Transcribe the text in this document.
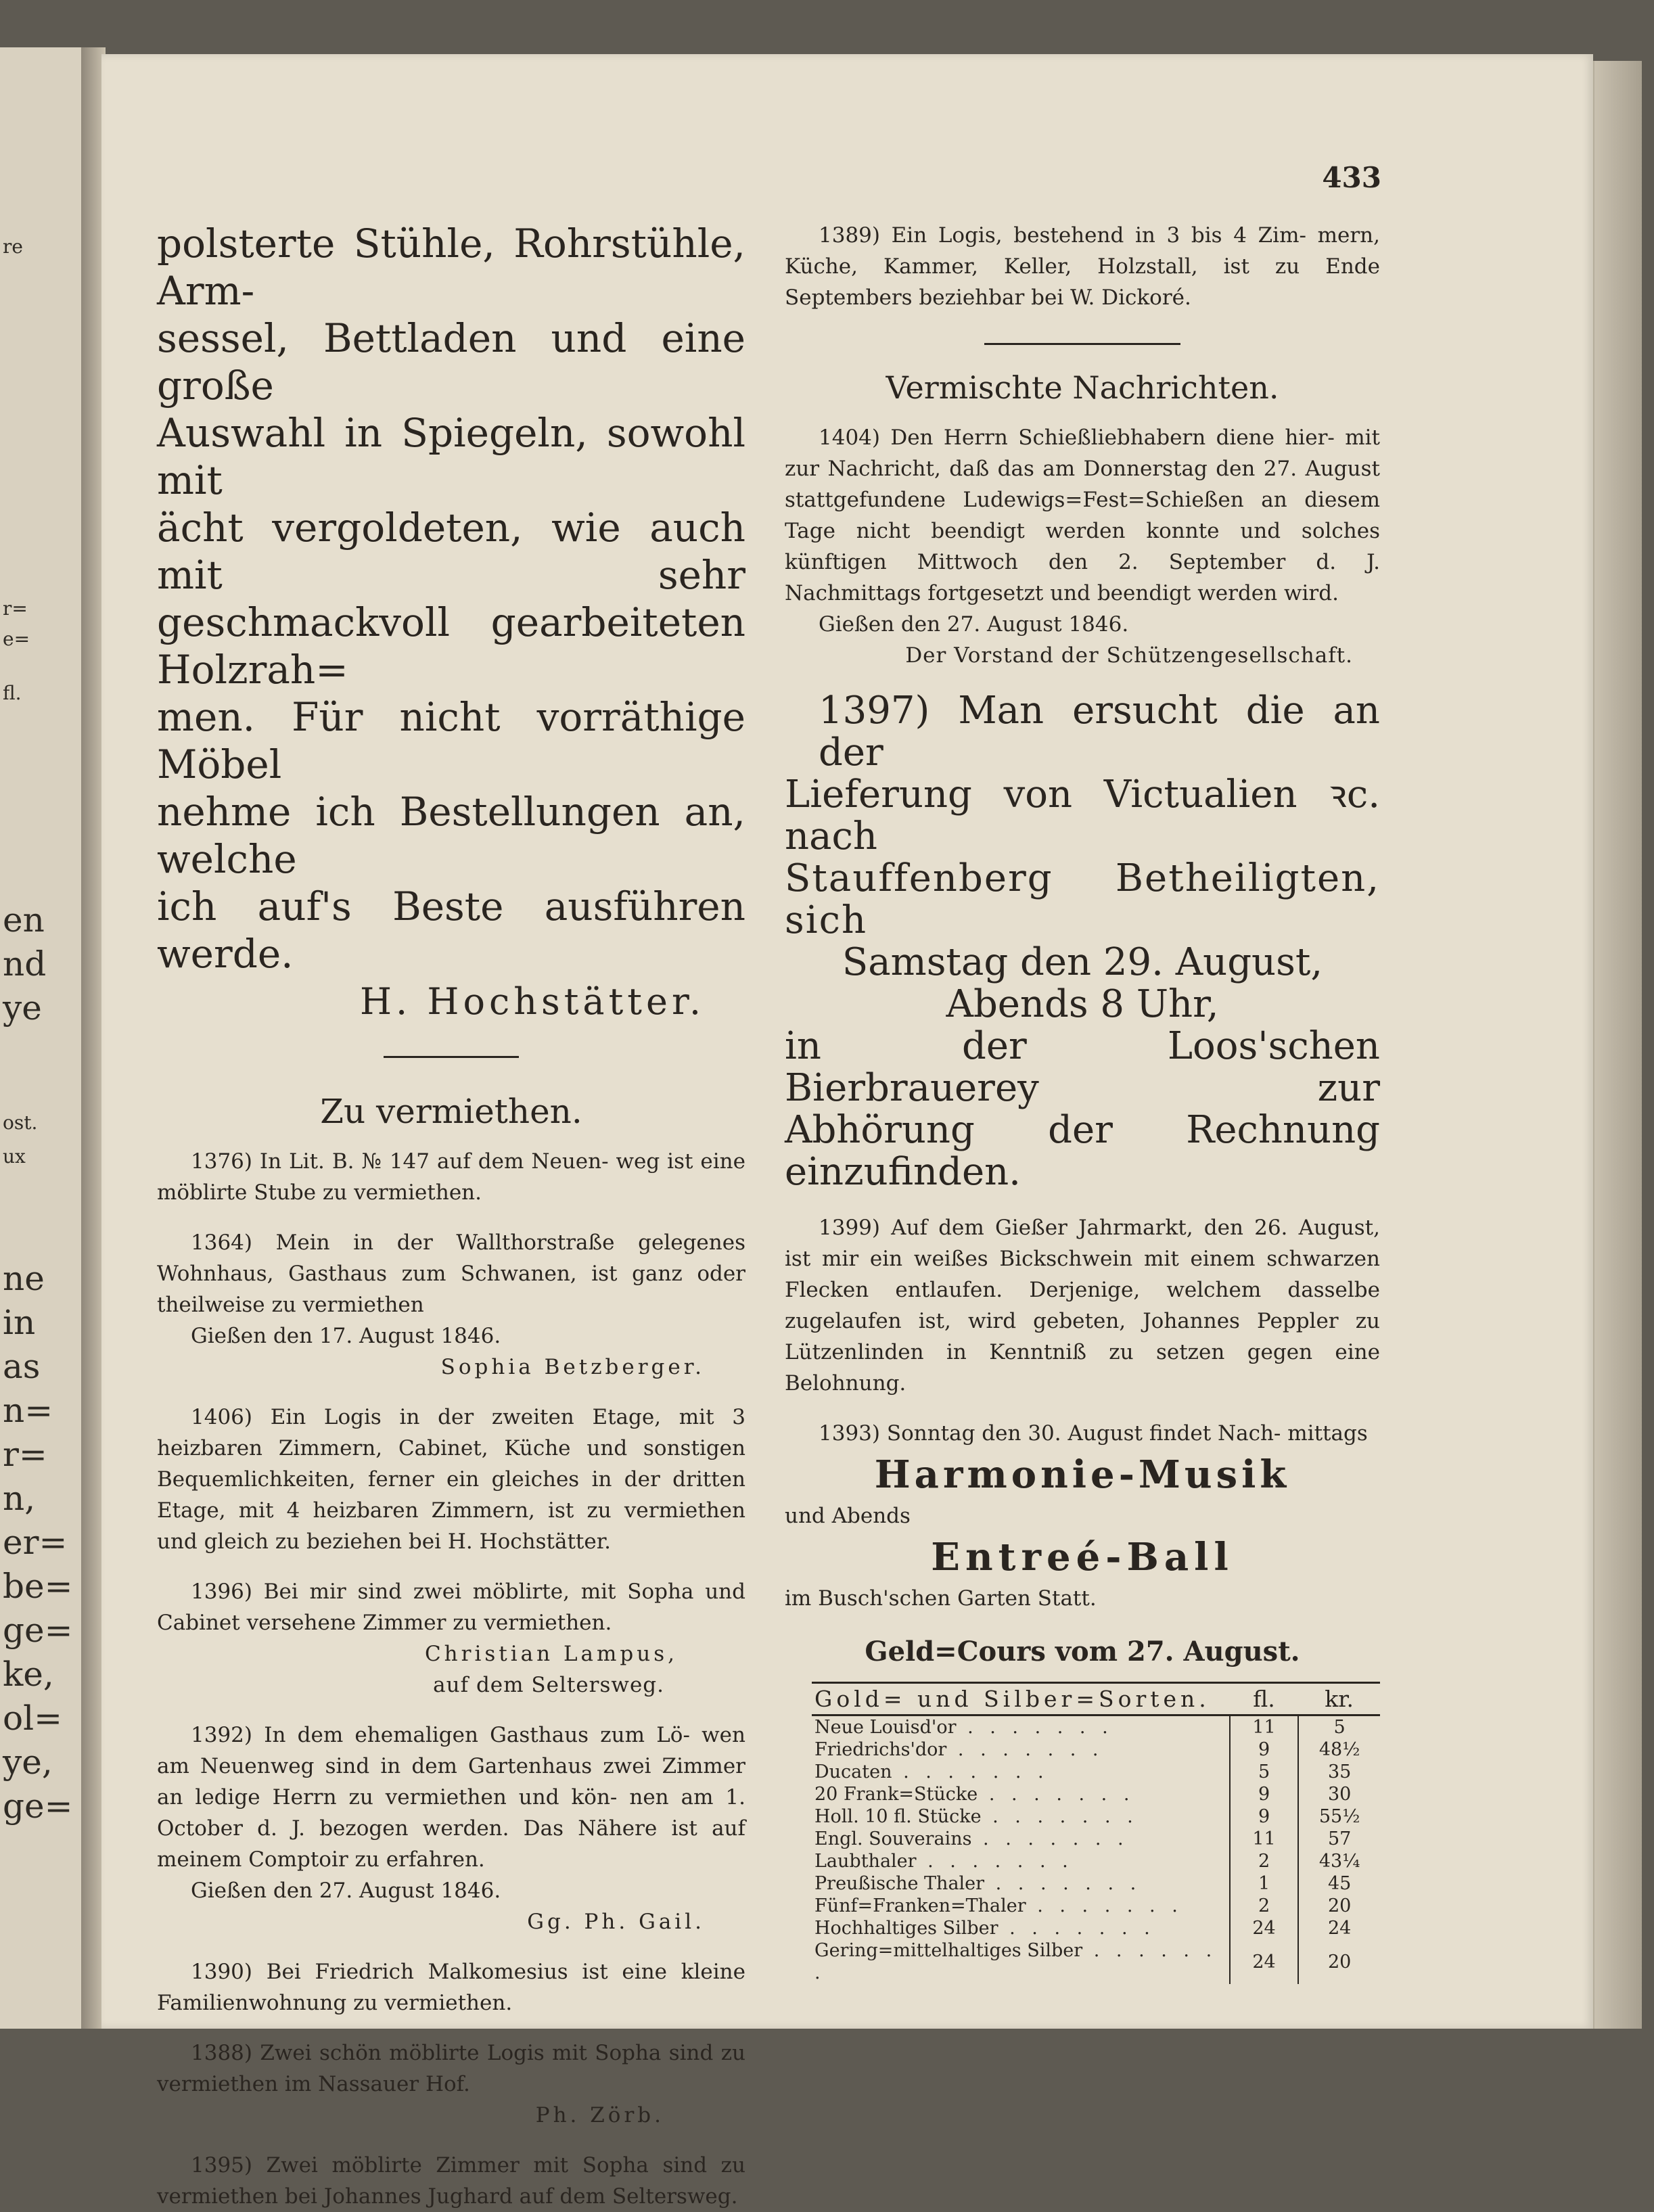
re
r=
e=
fl.
en
nd
ye
ost.
ux
ne
in
as
n=
r=
n,
er=
be=
ge=
ke,
ol=
ye,
ge=
433

polsterte Stühle, Rohrstühle, Arm-

sessel, Bettladen und eine große

Auswahl in Spiegeln, sowohl mit

ächt vergoldeten, wie auch mit sehr

geschmackvoll gearbeiteten Holzrah=

men. Für nicht vorräthige Möbel

nehme ich Bestellungen an, welche

ich auf's Beste ausführen werde.

H. Hochstätter.

Zu vermiethen.

1376) In Lit. B. № 147 auf dem Neuen- weg ist eine möblirte Stube zu vermiethen.

1364) Mein in der Wallthorstraße gelegenes Wohnhaus, Gasthaus zum Schwanen, ist ganz oder theilweise zu vermiethen

Gießen den 17. August 1846.

Sophia Betzberger.

1406) Ein Logis in der zweiten Etage, mit 3 heizbaren Zimmern, Cabinet, Küche und sonstigen Bequemlichkeiten, ferner ein gleiches in der dritten Etage, mit 4 heizbaren Zimmern, ist zu vermiethen und gleich zu beziehen bei H. Hochstätter.

1396) Bei mir sind zwei möblirte, mit Sopha und Cabinet versehene Zimmer zu vermiethen.

Christian Lampus,

auf dem Seltersweg.

1392) In dem ehemaligen Gasthaus zum Lö- wen am Neuenweg sind in dem Gartenhaus zwei Zimmer an ledige Herrn zu vermiethen und kön- nen am 1. October d. J. bezogen werden. Das Nähere ist auf meinem Comptoir zu erfahren.

Gießen den 27. August 1846.

Gg. Ph. Gail.

1390) Bei Friedrich Malkomesius ist eine kleine Familienwohnung zu vermiethen.

1388) Zwei schön möblirte Logis mit Sopha sind zu vermiethen im Nassauer Hof.

Ph. Zörb.

1395) Zwei möblirte Zimmer mit Sopha sind zu vermiethen bei Johannes Jughard auf dem Seltersweg.

1389) Ein Logis, bestehend in 3 bis 4 Zim- mern, Küche, Kammer, Keller, Holzstall, ist zu Ende Septembers beziehbar bei W. Dickoré.

Vermischte Nachrichten.

1404) Den Herrn Schießliebhabern diene hier- mit zur Nachricht, daß das am Donnerstag den 27. August stattgefundene Ludewigs=Fest=Schießen an diesem Tage nicht beendigt werden konnte und solches künftigen Mittwoch den 2. September d. J. Nachmittags fortgesetzt und beendigt werden wird.

Gießen den 27. August 1846.

Der Vorstand der Schützengesellschaft.

1397) Man ersucht die an der
Lieferung von Victualien ꝛc. nach
Stauffenberg Betheiligten, sich
Samstag den 29. August,
Abends 8 Uhr,
in der Loos'schen Bierbrauerey zur
Abhörung der Rechnung einzufinden.

1399) Auf dem Gießer Jahrmarkt, den 26. August, ist mir ein weißes Bickschwein mit einem schwarzen Flecken entlaufen. Derjenige, welchem dasselbe zugelaufen ist, wird gebeten, Johannes Peppler zu Lützenlinden in Kenntniß zu setzen gegen eine Belohnung.

1393) Sonntag den 30. August findet Nach- mittags

Harmonie-Musik

und Abends

Entreé-Ball

im Busch'schen Garten Statt.

Geld=Cours vom 27. August.

Gold= und Silber=Sorten.	fl.	kr.
Neue Louisd'or . . . . . . .	11	5
Friedrichs'dor . . . . . . .	9	48½
Ducaten . . . . . . .	5	35
20 Frank=Stücke . . . . . . .	9	30
Holl. 10 fl. Stücke . . . . . . .	9	55½
Engl. Souverains . . . . . . .	11	57
Laubthaler . . . . . . .	2	43¼
Preußische Thaler . . . . . . .	1	45
Fünf=Franken=Thaler . . . . . . .	2	20
Hochhaltiges Silber . . . . . . .	24	24
Gering=mittelhaltiges Silber . . . . . . .	24	20
